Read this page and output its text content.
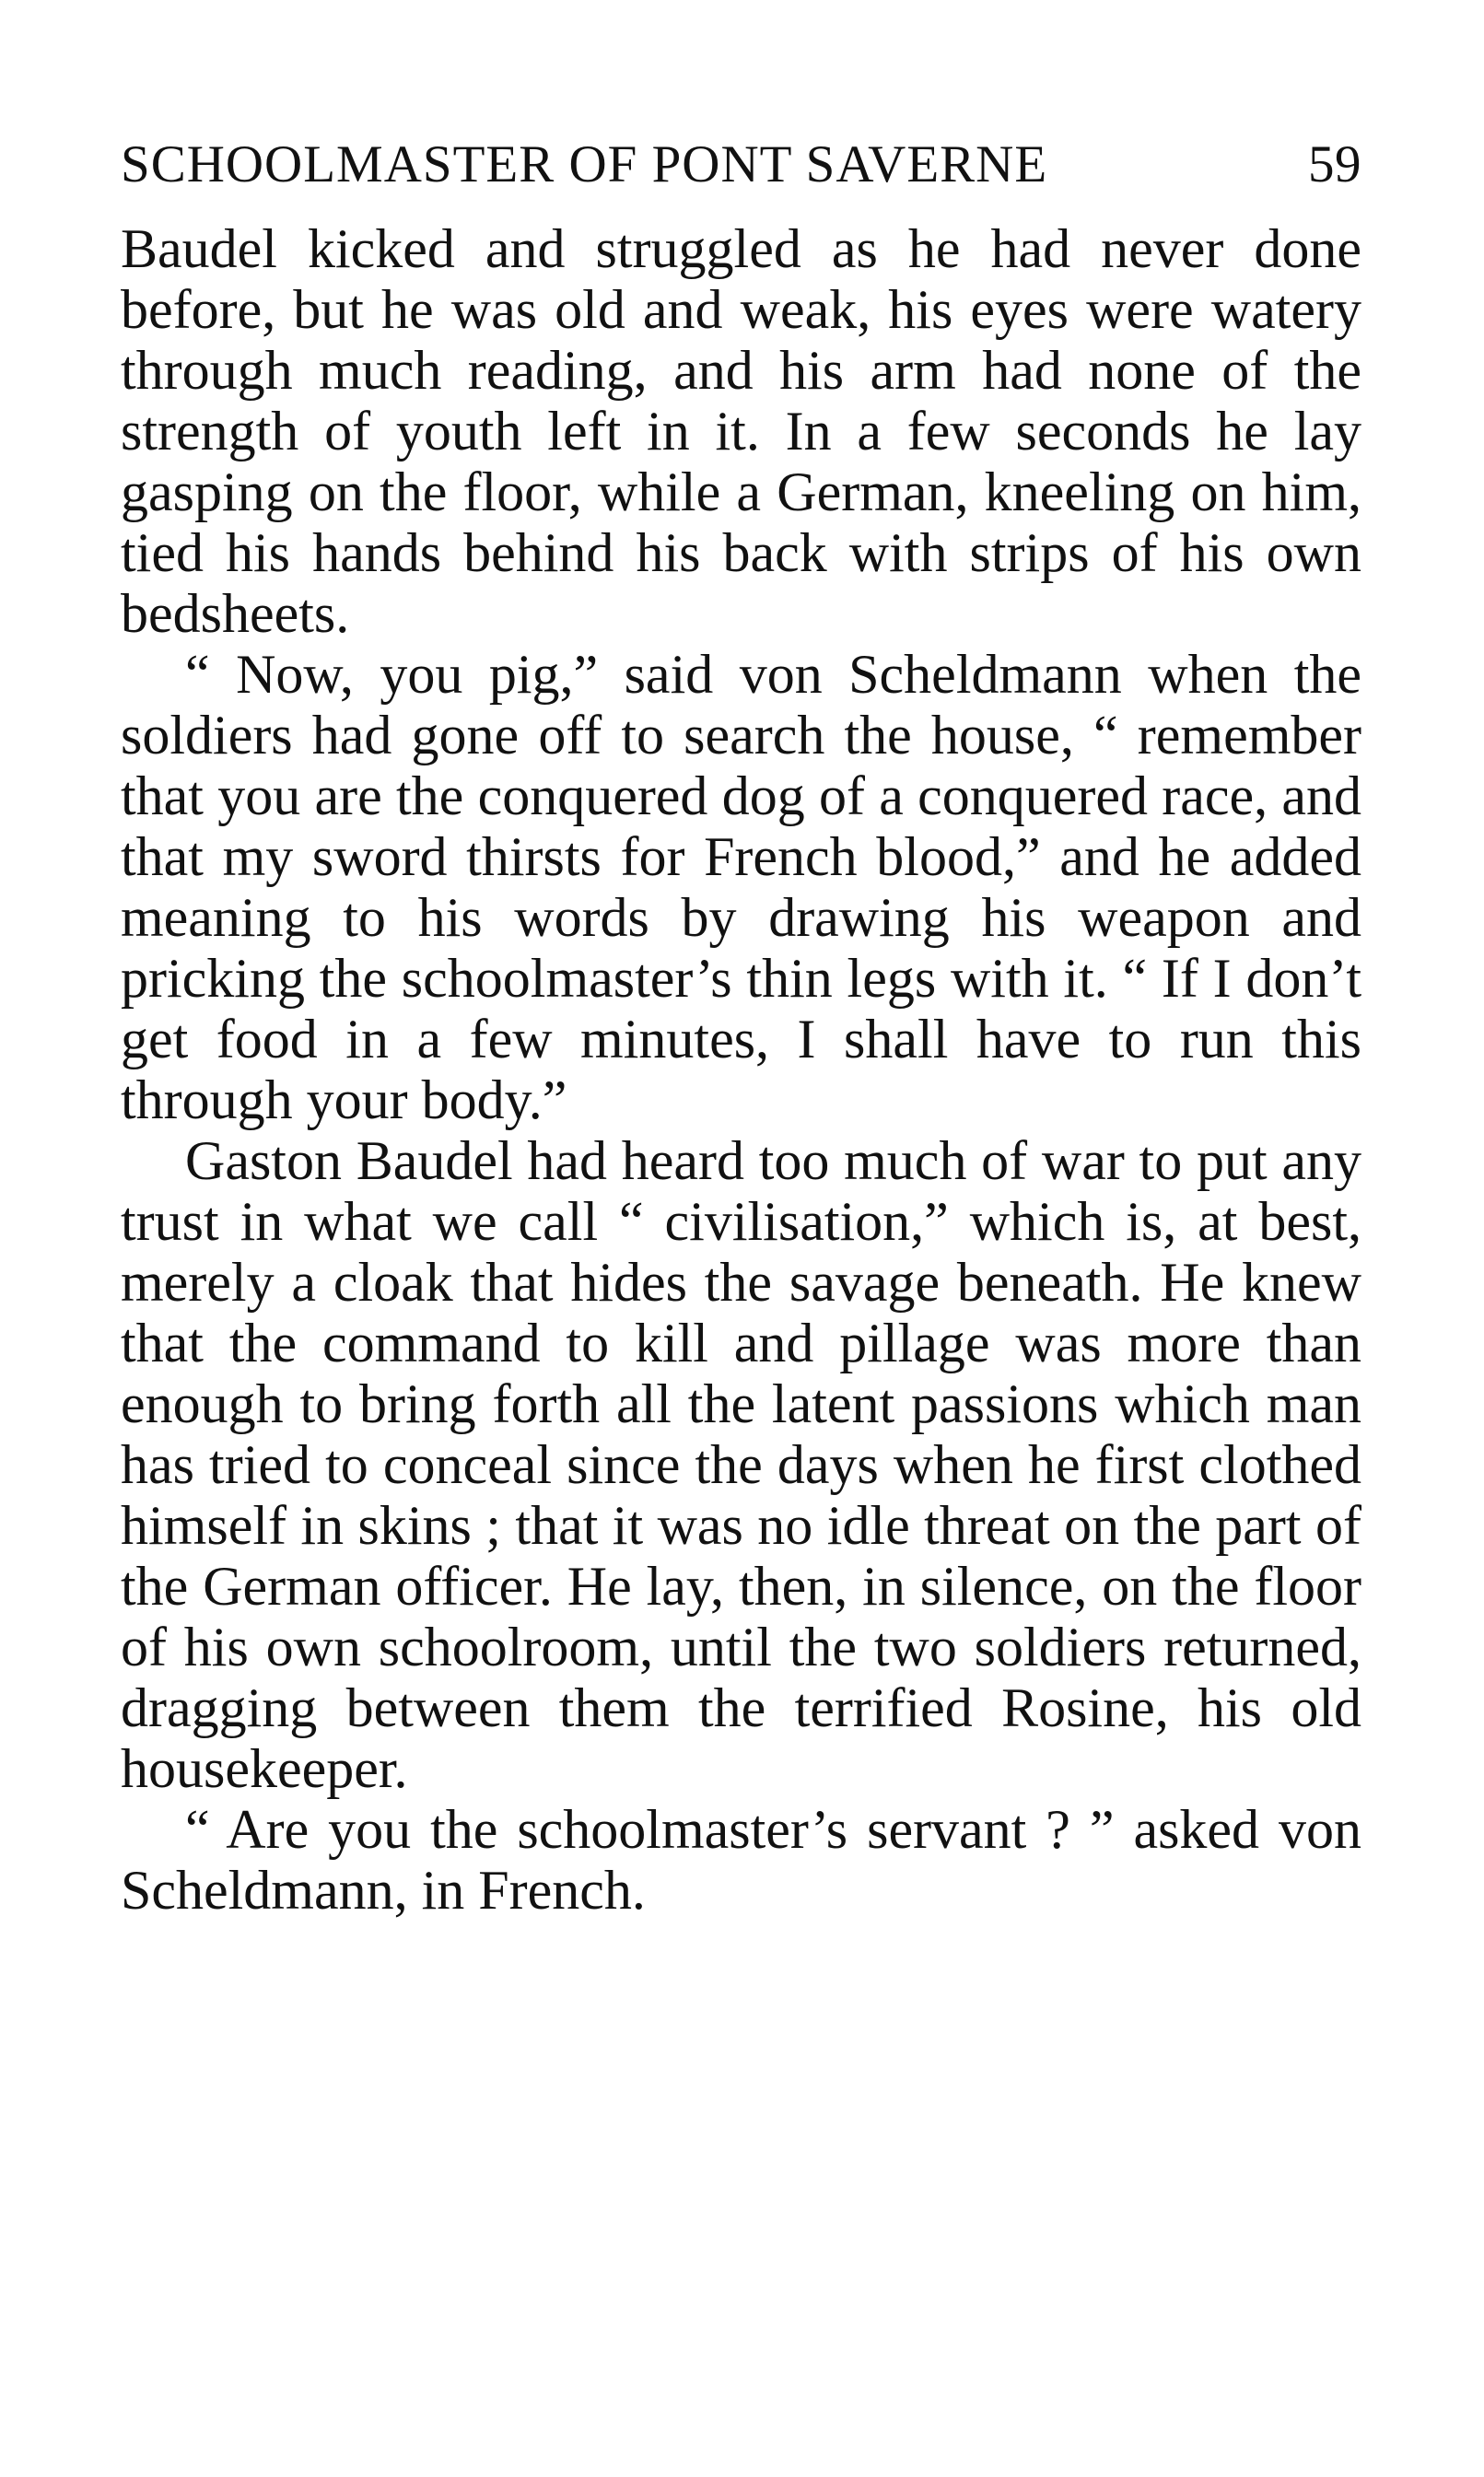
SCHOOLMASTER OF PONT SAVERNE	59

Baudel kicked and struggled as he had never done before, but he was old and weak, his eyes were watery through much reading, and his arm had none of the strength of youth left in it. In a few seconds he lay gasping on the floor, while a German, kneeling on him, tied his hands behind his back with strips of his own bedsheets.

“ Now, you pig,” said von Scheldmann when the soldiers had gone off to search the house, “ remember that you are the conquered dog of a conquered race, and that my sword thirsts for French blood,” and he added meaning to his words by drawing his weapon and pricking the schoolmaster’s thin legs with it. “ If I don’t get food in a few minutes, I shall have to run this through your body.”

Gaston Baudel had heard too much of war to put any trust in what we call “ civilisation,” which is, at best, merely a cloak that hides the savage beneath. He knew that the command to kill and pillage was more than enough to bring forth all the latent passions which man has tried to conceal since the days when he first clothed himself in skins ; that it was no idle threat on the part of the German officer. He lay, then, in silence, on the floor of his own schoolroom, until the two soldiers returned, dragging between them the terrified Rosine, his old housekeeper.

“ Are you the schoolmaster’s servant ? ” asked von Scheldmann, in French.
